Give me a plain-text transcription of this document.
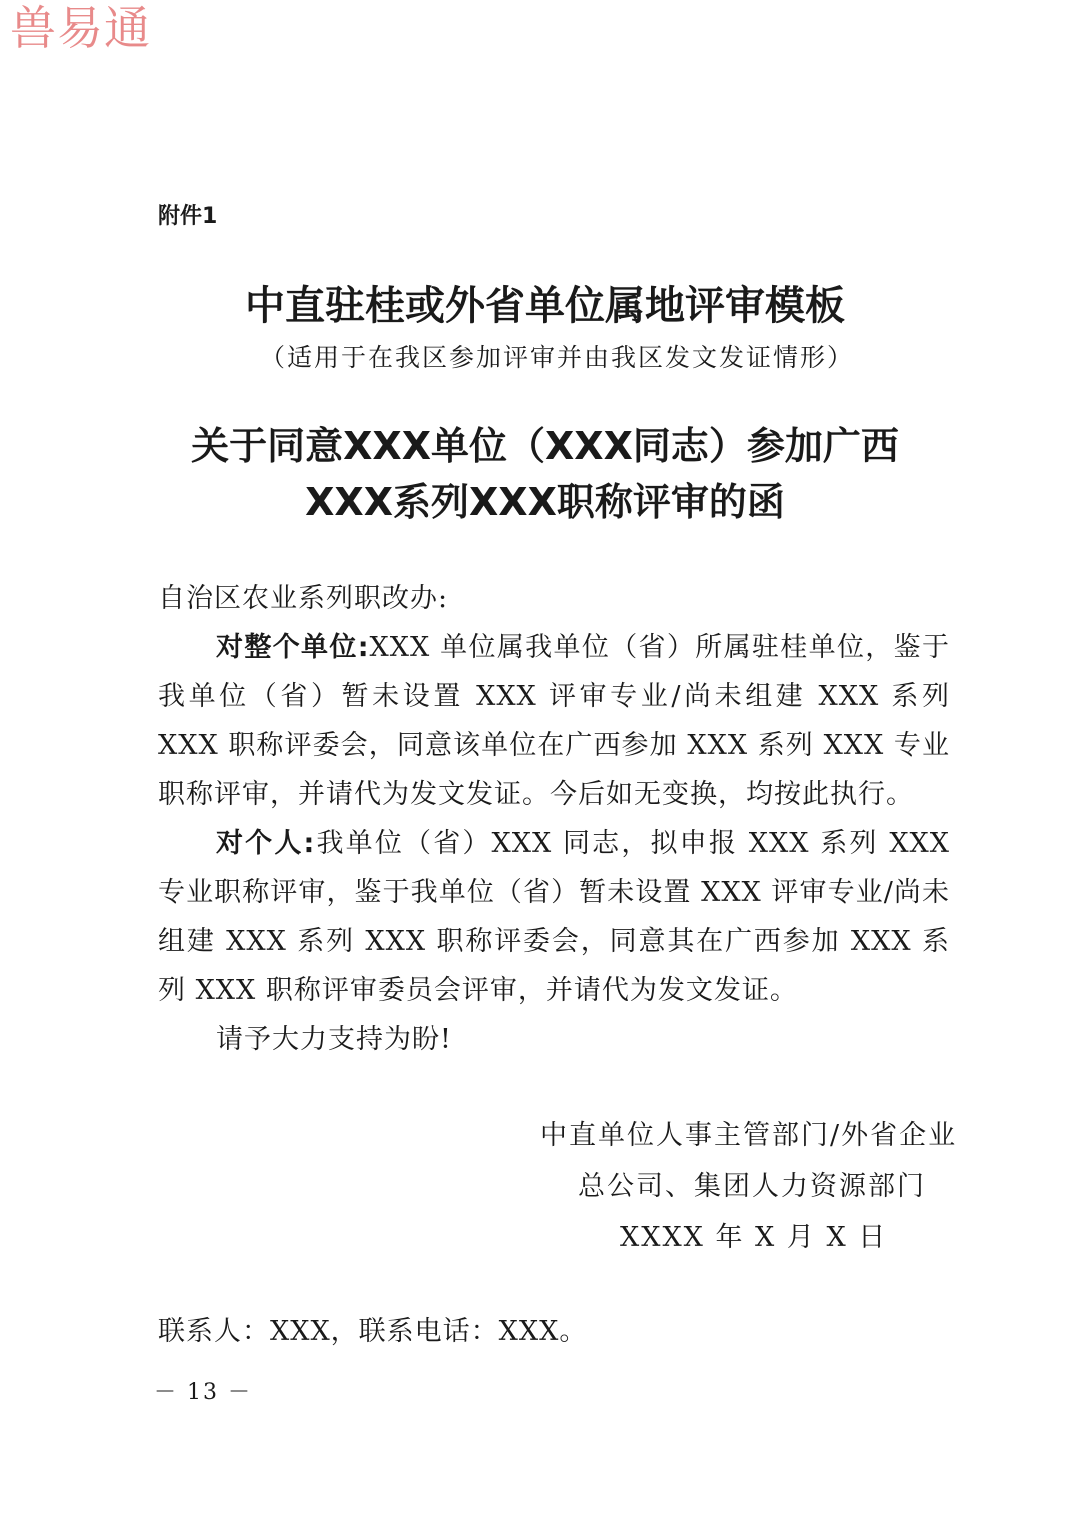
兽易通
附件1
中直驻桂或外省单位属地评审模板
（适用于在我区参加评审并由我区发文发证情形）
关于同意XXX单位（XXX同志）参加广西
XXX系列XXX职称评审的函

自治区农业系列职改办:

对整个单位:XXX 单位属我单位（省）所属驻桂单位，鉴于我单位（省）暂未设置 XXX 评审专业/尚未组建 XXX 系列 XXX 职称评委会，同意该单位在广西参加 XXX 系列 XXX 专业职称评审，并请代为发文发证。今后如无变换，均按此执行。

对个人:我单位（省）XXX 同志，拟申报 XXX 系列 XXX 专业职称评审，鉴于我单位（省）暂未设置 XXX 评审专业/尚未组建 XXX 系列 XXX 职称评委会，同意其在广西参加 XXX 系列 XXX 职称评审委员会评审，并请代为发文发证。

请予大力支持为盼!

中直单位人事主管部门/外省企业
总公司、集团人力资源部门
XXXX 年 X 月 X 日
联系人：XXX，联系电话：XXX。
－ 13 －
